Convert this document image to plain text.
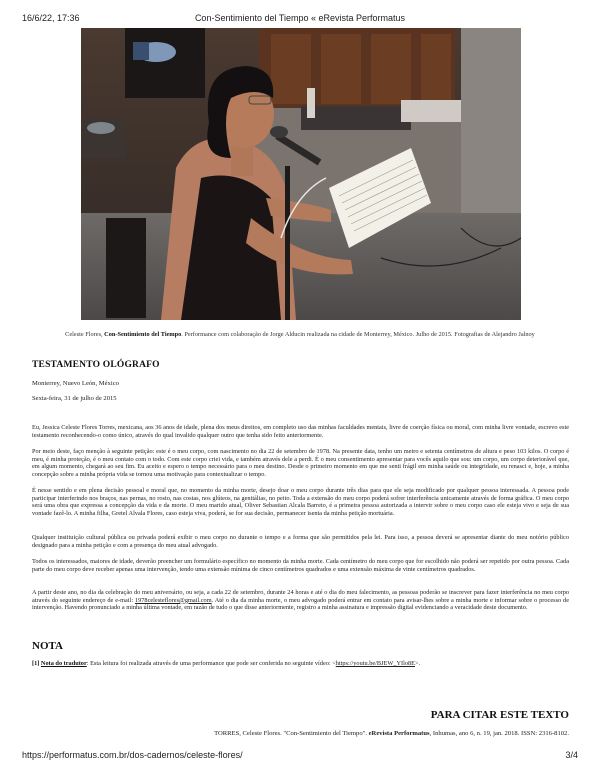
16/6/22, 17:36	Con-Sentimiento del Tiempo « eRevista Performatus

Celeste Flores, Con-Sentimiento del Tiempo. Performance com colaboração de Jorge Alducin realizada na cidade de Monterrey, México. Julho de 2015. Fotografias de Alejandro Jalnoy

TESTAMENTO OLÓGRAFO
Monterrey, Nuevo León, México
Sexta-feira, 31 de julho de 2015

Eu, Jessica Celeste Flores Torres, mexicana, aos 36 anos de idade, plena dos meus direitos, em completo uso das minhas faculdades mentais, livre de coerção física ou moral, com minha livre vontade, escrevo este testamento reconhecendo-o como único, através do qual invalido qualquer outro que tenha sido feito anteriormente.

Por meio deste, faço menção à seguinte petição: este é o meu corpo, com nascimento no dia 22 de setembro de 1978. Na presente data, tenho um metro e setenta centímetros de altura e peso 103 kilos. O corpo é meu, é minha proteção, é o meu contato com o todo. Com este corpo criei vida, e também através dele a perdi. É o meu consentimento apresentar para vocês aquilo que sou: um corpo, um corpo deteriorável que, em algum momento, chegará ao seu fim. Eu aceito e espero o tempo necessário para o meu destino. Desde o primeiro momento em que me senti frágil em minha saúde ou integridade, eu renasci e, hoje, a minha concepção sobre a minha própria vida se tornou uma motivação para contextualizar o tempo.

É nesse sentido e em plena decisão pessoal e moral que, no momento da minha morte, desejo doar o meu corpo durante três dias para que ele seja modificado por qualquer pessoa interessada. A pessoa pode participar interferindo nos braços, nas pernas, no rosto, nas costas, nos glúteos, na genitálias, no peito. Toda a extensão do meu corpo poderá sofrer interferência unicamente através de forma gráfica. O meu corpo será uma obra que expressa a concepção da vida e da morte. O meu marido atual, Oliver Sebastian Alcala Barreto, é a primeira pessoa autorizada a intervir sobre o meu corpo caso ele esteja vivo e seja de sua vontade fazê-lo. A minha filha, Gretel Alvala Flores, caso esteja viva, poderá, se for sua decisão, permanecer isenta da minha petição mortuária.

Qualquer instituição cultural pública ou privada poderá exibir o meu corpo no durante o tempo e a forma que são permitidos pela lei. Para isso, a pessoa deverá se apresentar diante do meu notório público designado para a minha petição e com a presença do meu atual advogado.

Todos os interessados, maiores de idade, deverão preencher um formulário específico no momento da minha morte. Cada centímetro do meu corpo que for escolhido não poderá ser repetido por outra pessoa. Cada parte do meu corpo deve receber apenas uma intervenção, tendo uma extensão mínima de cinco centímetros quadrados e uma extensão máxima de vinte centímetros quadrados.

A partir deste ano, no dia da celebração do meu aniversário, ou seja, a cada 22 de setembro, durante 24 horas e até o dia do meu falecimento, as pessoas poderão se inscrever para fazer interferência no meu corpo através do seguinte endereço de e-mail: 1978celesteflores@gmail.com. Até o dia da minha morte, o meu advogado poderá entrar em contato para avisar-lhes sobre a minha morte e informar sobre o processo de intervenção. Havendo pronunciado a minha última vontade, em razão de tudo o que disse anteriormente, registro a minha assinatura e impressão digital evidenciando a veracidade deste documento.

NOTA

[1] Nota do tradutor: Esta leitura foi realizada através de uma performance que pode ser conferida no seguinte vídeo: <https://youtu.be/BJEW_YIlo8E>.

PARA CITAR ESTE TEXTO

TORRES, Celeste Flores. "Con-Sentimiento del Tiempo". eRevista Performatus, Inhumas, ano 6, n. 19, jan. 2018. ISSN: 2316-8102.

https://performatus.com.br/dos-cadernos/celeste-flores/	3/4
